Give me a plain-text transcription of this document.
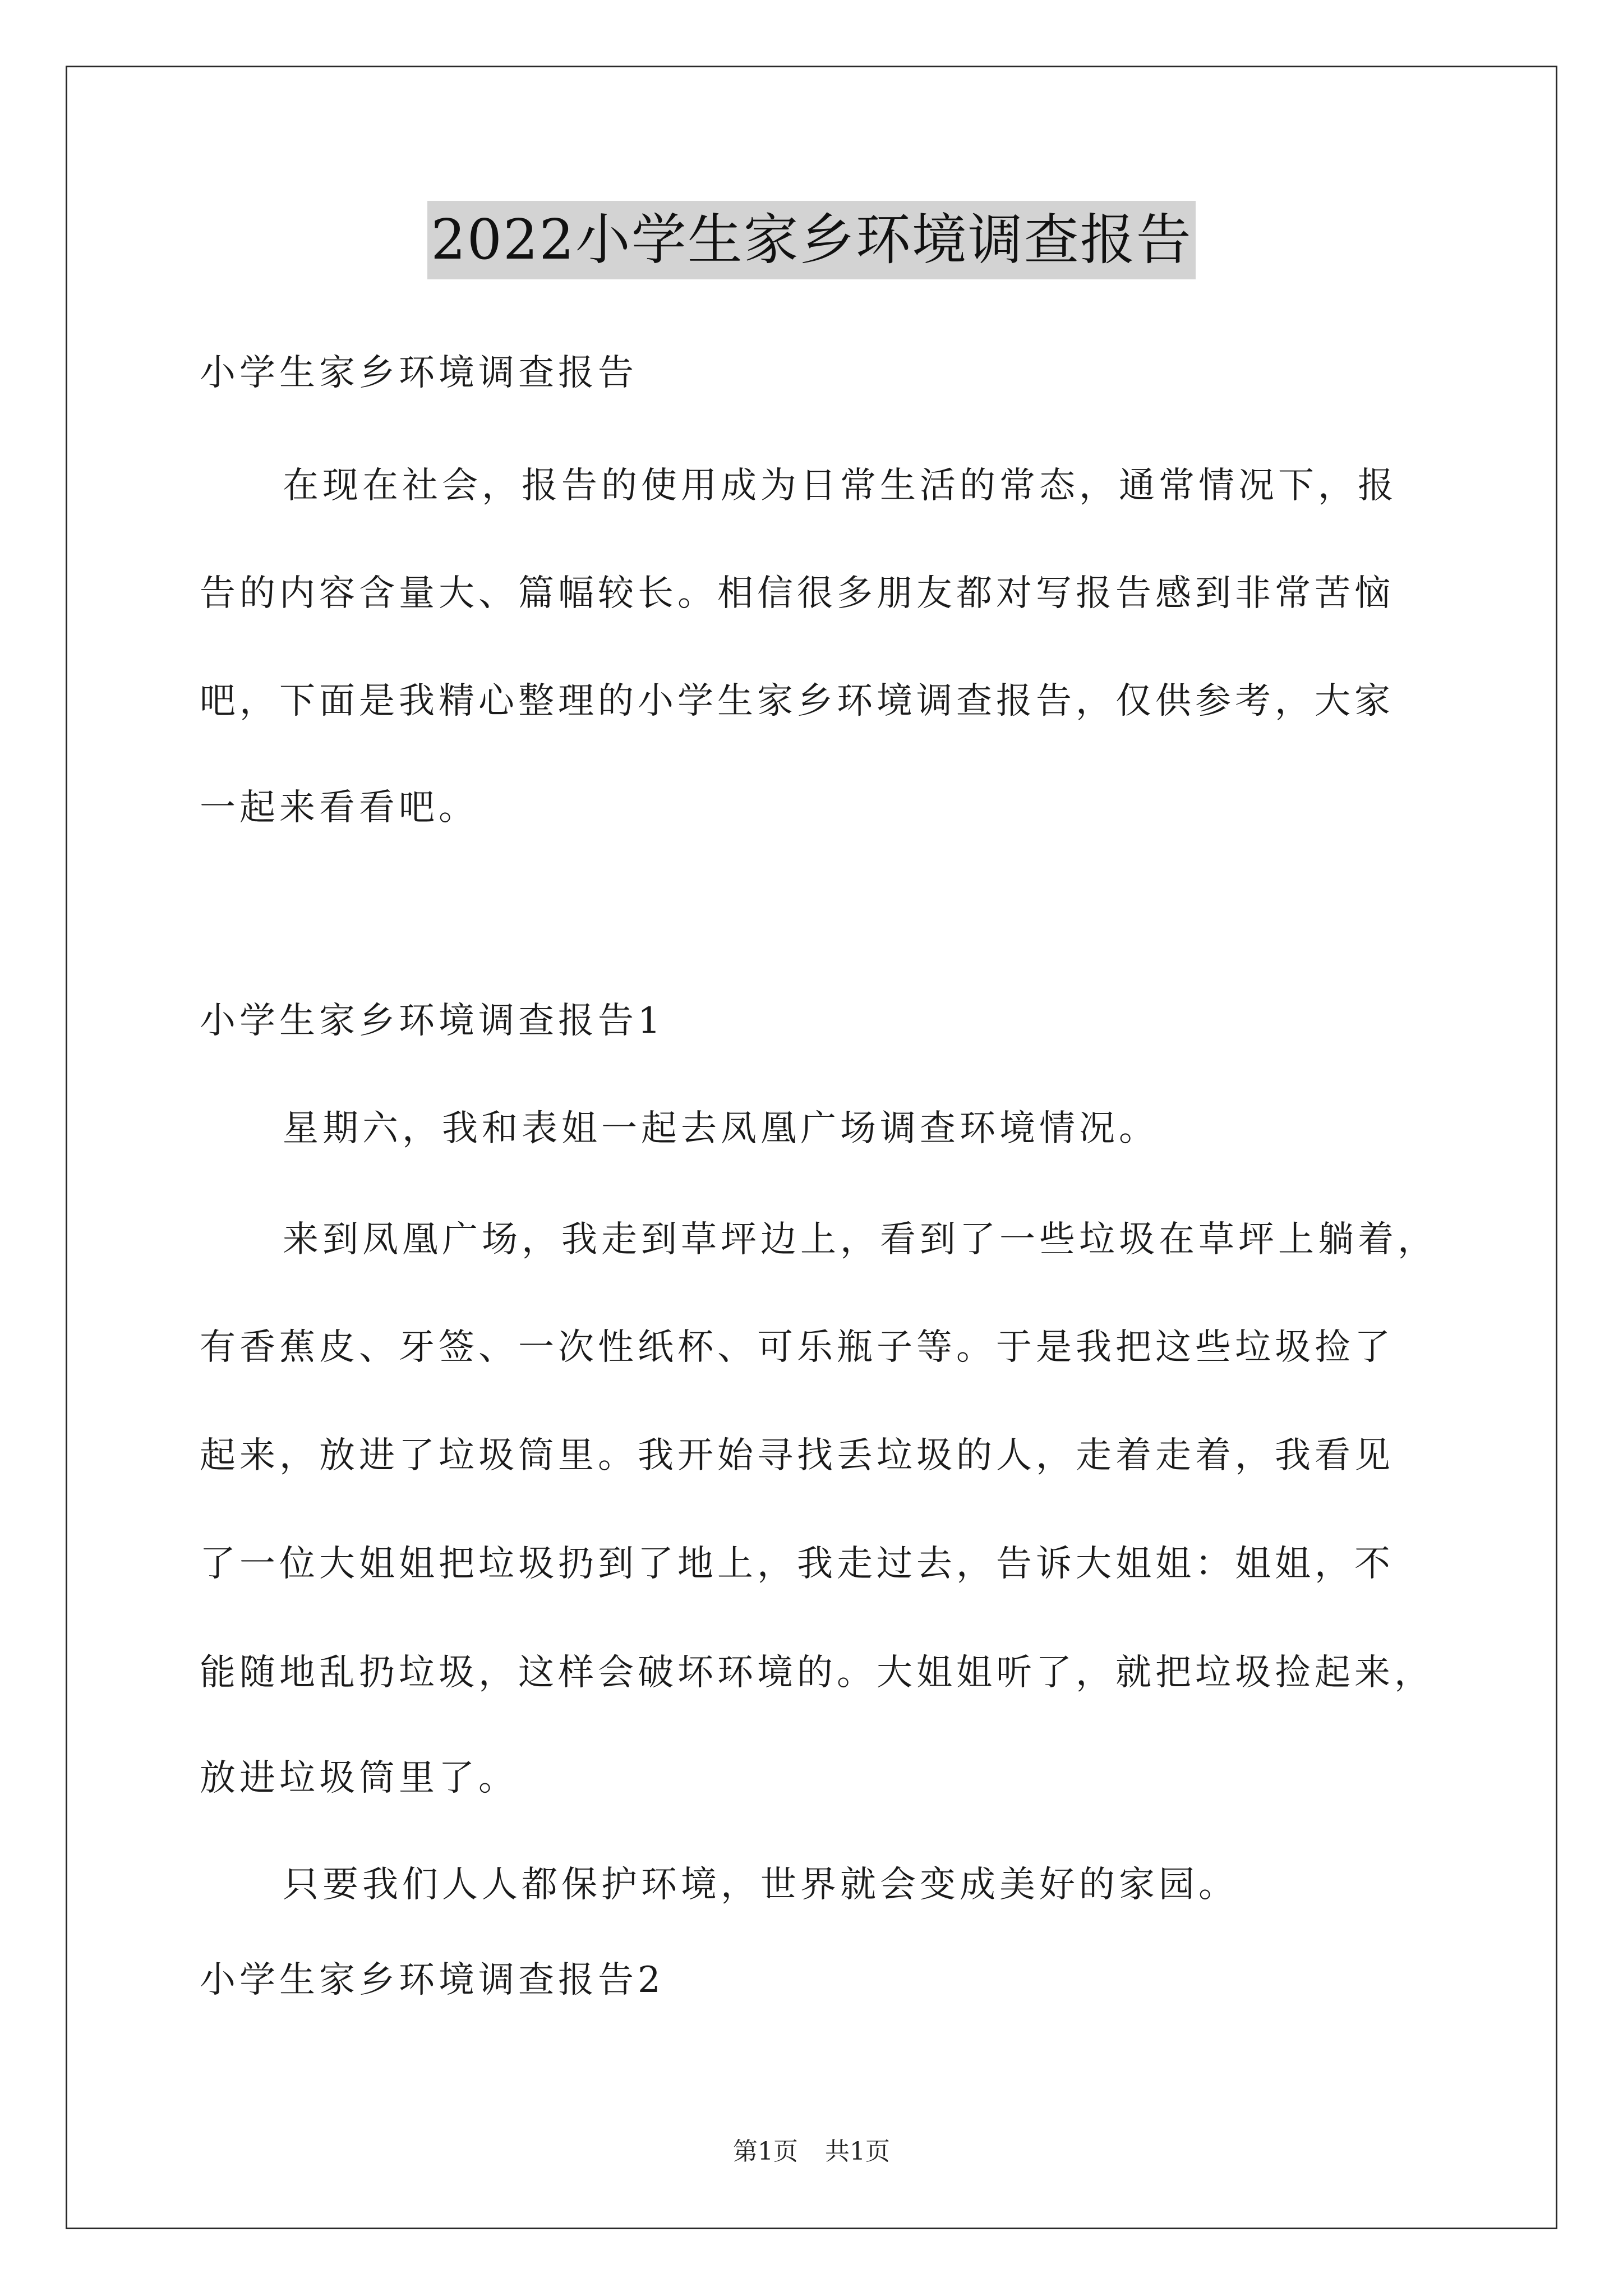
2022小学生家乡环境调查报告
小学生家乡环境调查报告
在现在社会，报告的使用成为日常生活的常态，通常情况下，报
告的内容含量大、篇幅较长。相信很多朋友都对写报告感到非常苦恼
吧，下面是我精心整理的小学生家乡环境调查报告，仅供参考，大家
一起来看看吧。
小学生家乡环境调查报告1
星期六，我和表姐一起去凤凰广场调查环境情况。
来到凤凰广场，我走到草坪边上，看到了一些垃圾在草坪上躺着，
有香蕉皮、牙签、一次性纸杯、可乐瓶子等。于是我把这些垃圾捡了
起来，放进了垃圾筒里。我开始寻找丢垃圾的人，走着走着，我看见
了一位大姐姐把垃圾扔到了地上，我走过去，告诉大姐姐：姐姐，不
能随地乱扔垃圾，这样会破坏环境的。大姐姐听了，就把垃圾捡起来，
放进垃圾筒里了。
只要我们人人都保护环境，世界就会变成美好的家园。
小学生家乡环境调查报告2
第1页 共1页
